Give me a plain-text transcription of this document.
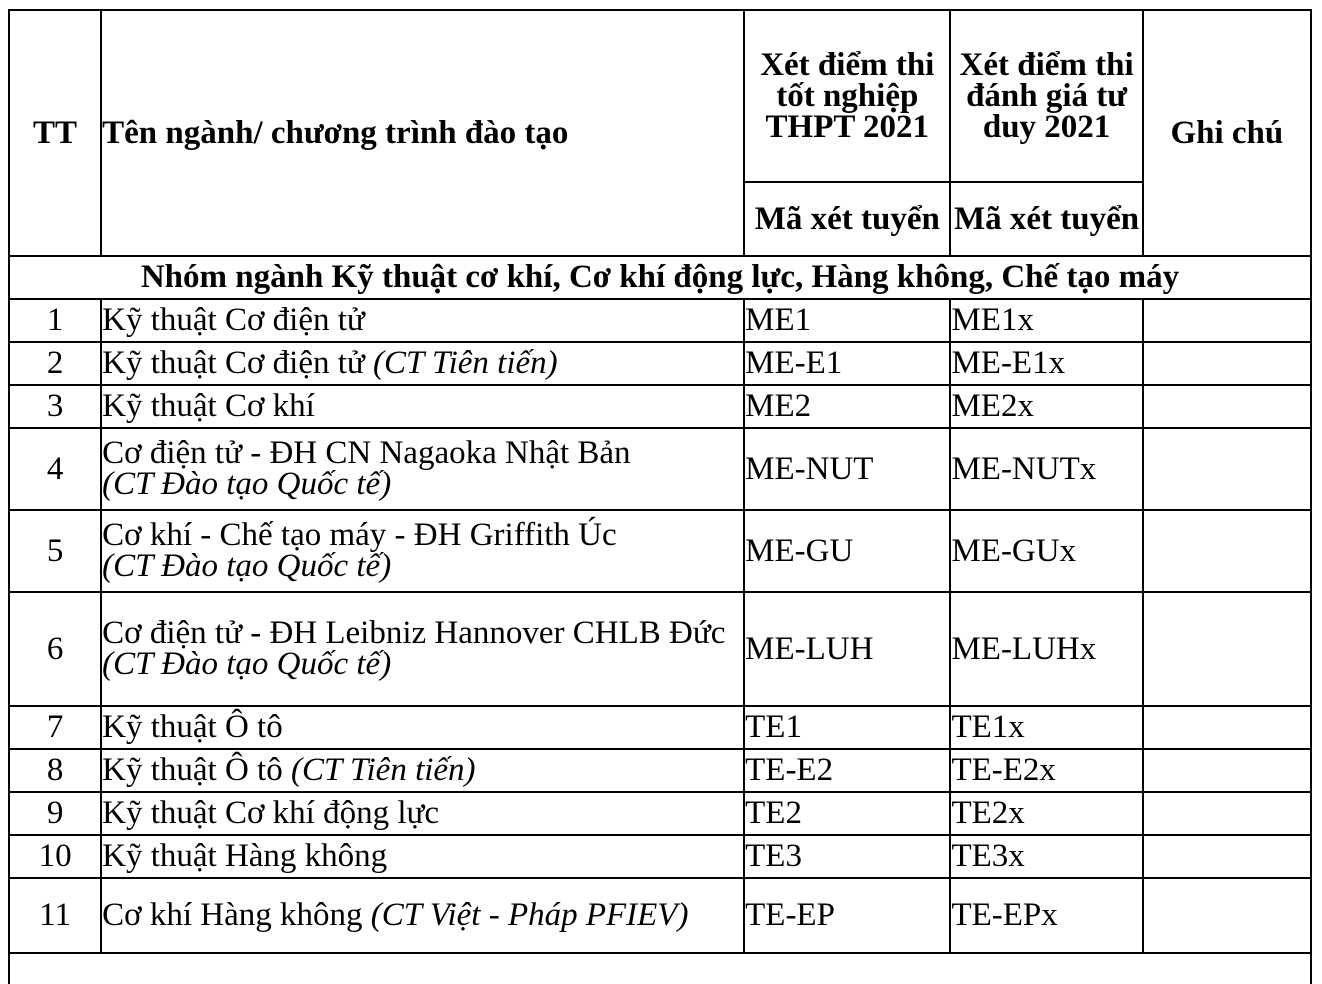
TT	Tên ngành/ chương trình đào tạo	Xét điểm thi tốt nghiệp THPT 2021	Xét điểm thi đánh giá tư duy 2021	Ghi chú
		Mã xét tuyển	Mã xét tuyển	
Nhóm ngành Kỹ thuật cơ khí, Cơ khí động lực, Hàng không, Chế tạo máy				
1	Kỹ thuật Cơ điện tử	ME1	ME1x	
2	Kỹ thuật Cơ điện tử (CT Tiên tiến)	ME-E1	ME-E1x	
3	Kỹ thuật Cơ khí	ME2	ME2x	
4	Cơ điện tử - ĐH CN Nagaoka Nhật Bản
(CT Đào tạo Quốc tế)	ME-NUT	ME-NUTx	
5	Cơ khí - Chế tạo máy - ĐH Griffith Úc
(CT Đào tạo Quốc tế)	ME-GU	ME-GUx	
6	Cơ điện tử - ĐH Leibniz Hannover CHLB Đức
(CT Đào tạo Quốc tế)	ME-LUH	ME-LUHx	
7	Kỹ thuật Ô tô	TE1	TE1x	
8	Kỹ thuật Ô tô (CT Tiên tiến)	TE-E2	TE-E2x	
9	Kỹ thuật Cơ khí động lực	TE2	TE2x	
10	Kỹ thuật Hàng không	TE3	TE3x	
11	Cơ khí Hàng không (CT Việt - Pháp PFIEV)	TE-EP	TE-EPx	
